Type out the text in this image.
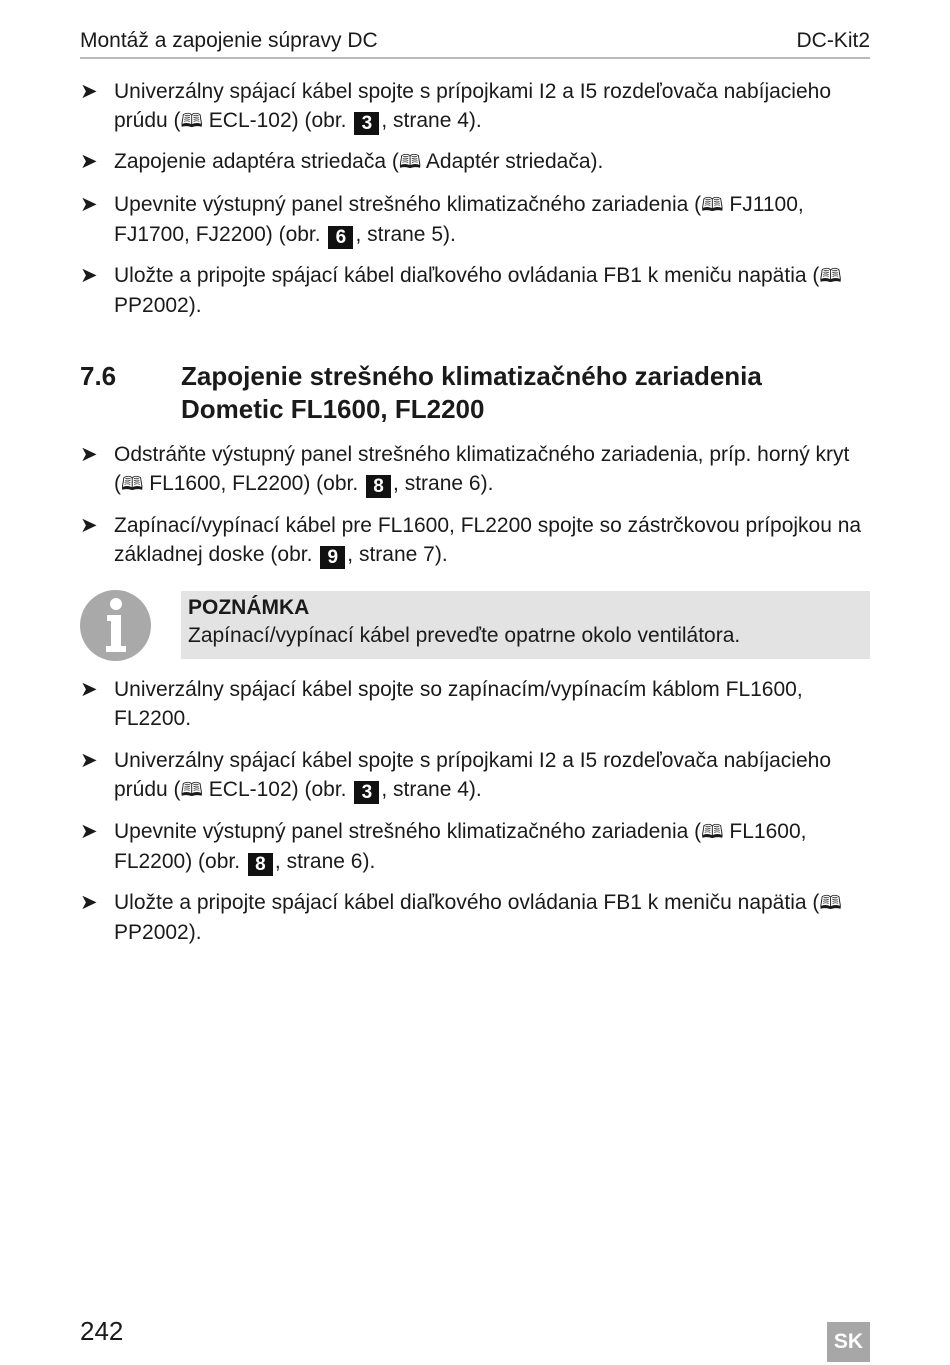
Montáž a zapojenie súpravy DC	DC-Kit2
➤ Univerzálny spájací kábel spojte s prípojkami I2 a I5 rozdeľovača nabíjacieho prúdu (🕮 ECL-102) (obr. 3 , strane 4).
➤ Zapojenie adaptéra striedača (🕮 Adaptér striedača).
➤ Upevnite výstupný panel strešného klimatizačného zariadenia (🕮 FJ1100, FJ1700, FJ2200) (obr. 6 , strane 5).
➤ Uložte a pripojte spájací kábel diaľkového ovládania FB1 k meniču napätia (🕮 PP2002).
7.6 Zapojenie strešného klimatizačného zariadenia Dometic FL1600, FL2200
➤ Odstráňte výstupný panel strešného klimatizačného zariadenia, príp. horný kryt (🕮 FL1600, FL2200) (obr. 8 , strane 6).
➤ Zapínací/vypínací kábel pre FL1600, FL2200 spojte so zástrčkovou prípojkou na základnej doske (obr. 9 , strane 7).
POZNÁMKA
Zapínací/vypínací kábel preveďte opatrne okolo ventilátora.
➤ Univerzálny spájací kábel spojte so zapínacím/vypínacím káblom FL1600, FL2200.
➤ Univerzálny spájací kábel spojte s prípojkami I2 a I5 rozdeľovača nabíjacieho prúdu (🕮 ECL-102) (obr. 3 , strane 4).
➤ Upevnite výstupný panel strešného klimatizačného zariadenia (🕮 FL1600, FL2200) (obr. 8 , strane 6).
➤ Uložte a pripojte spájací kábel diaľkového ovládania FB1 k meniču napätia (🕮 PP2002).
242	SK
